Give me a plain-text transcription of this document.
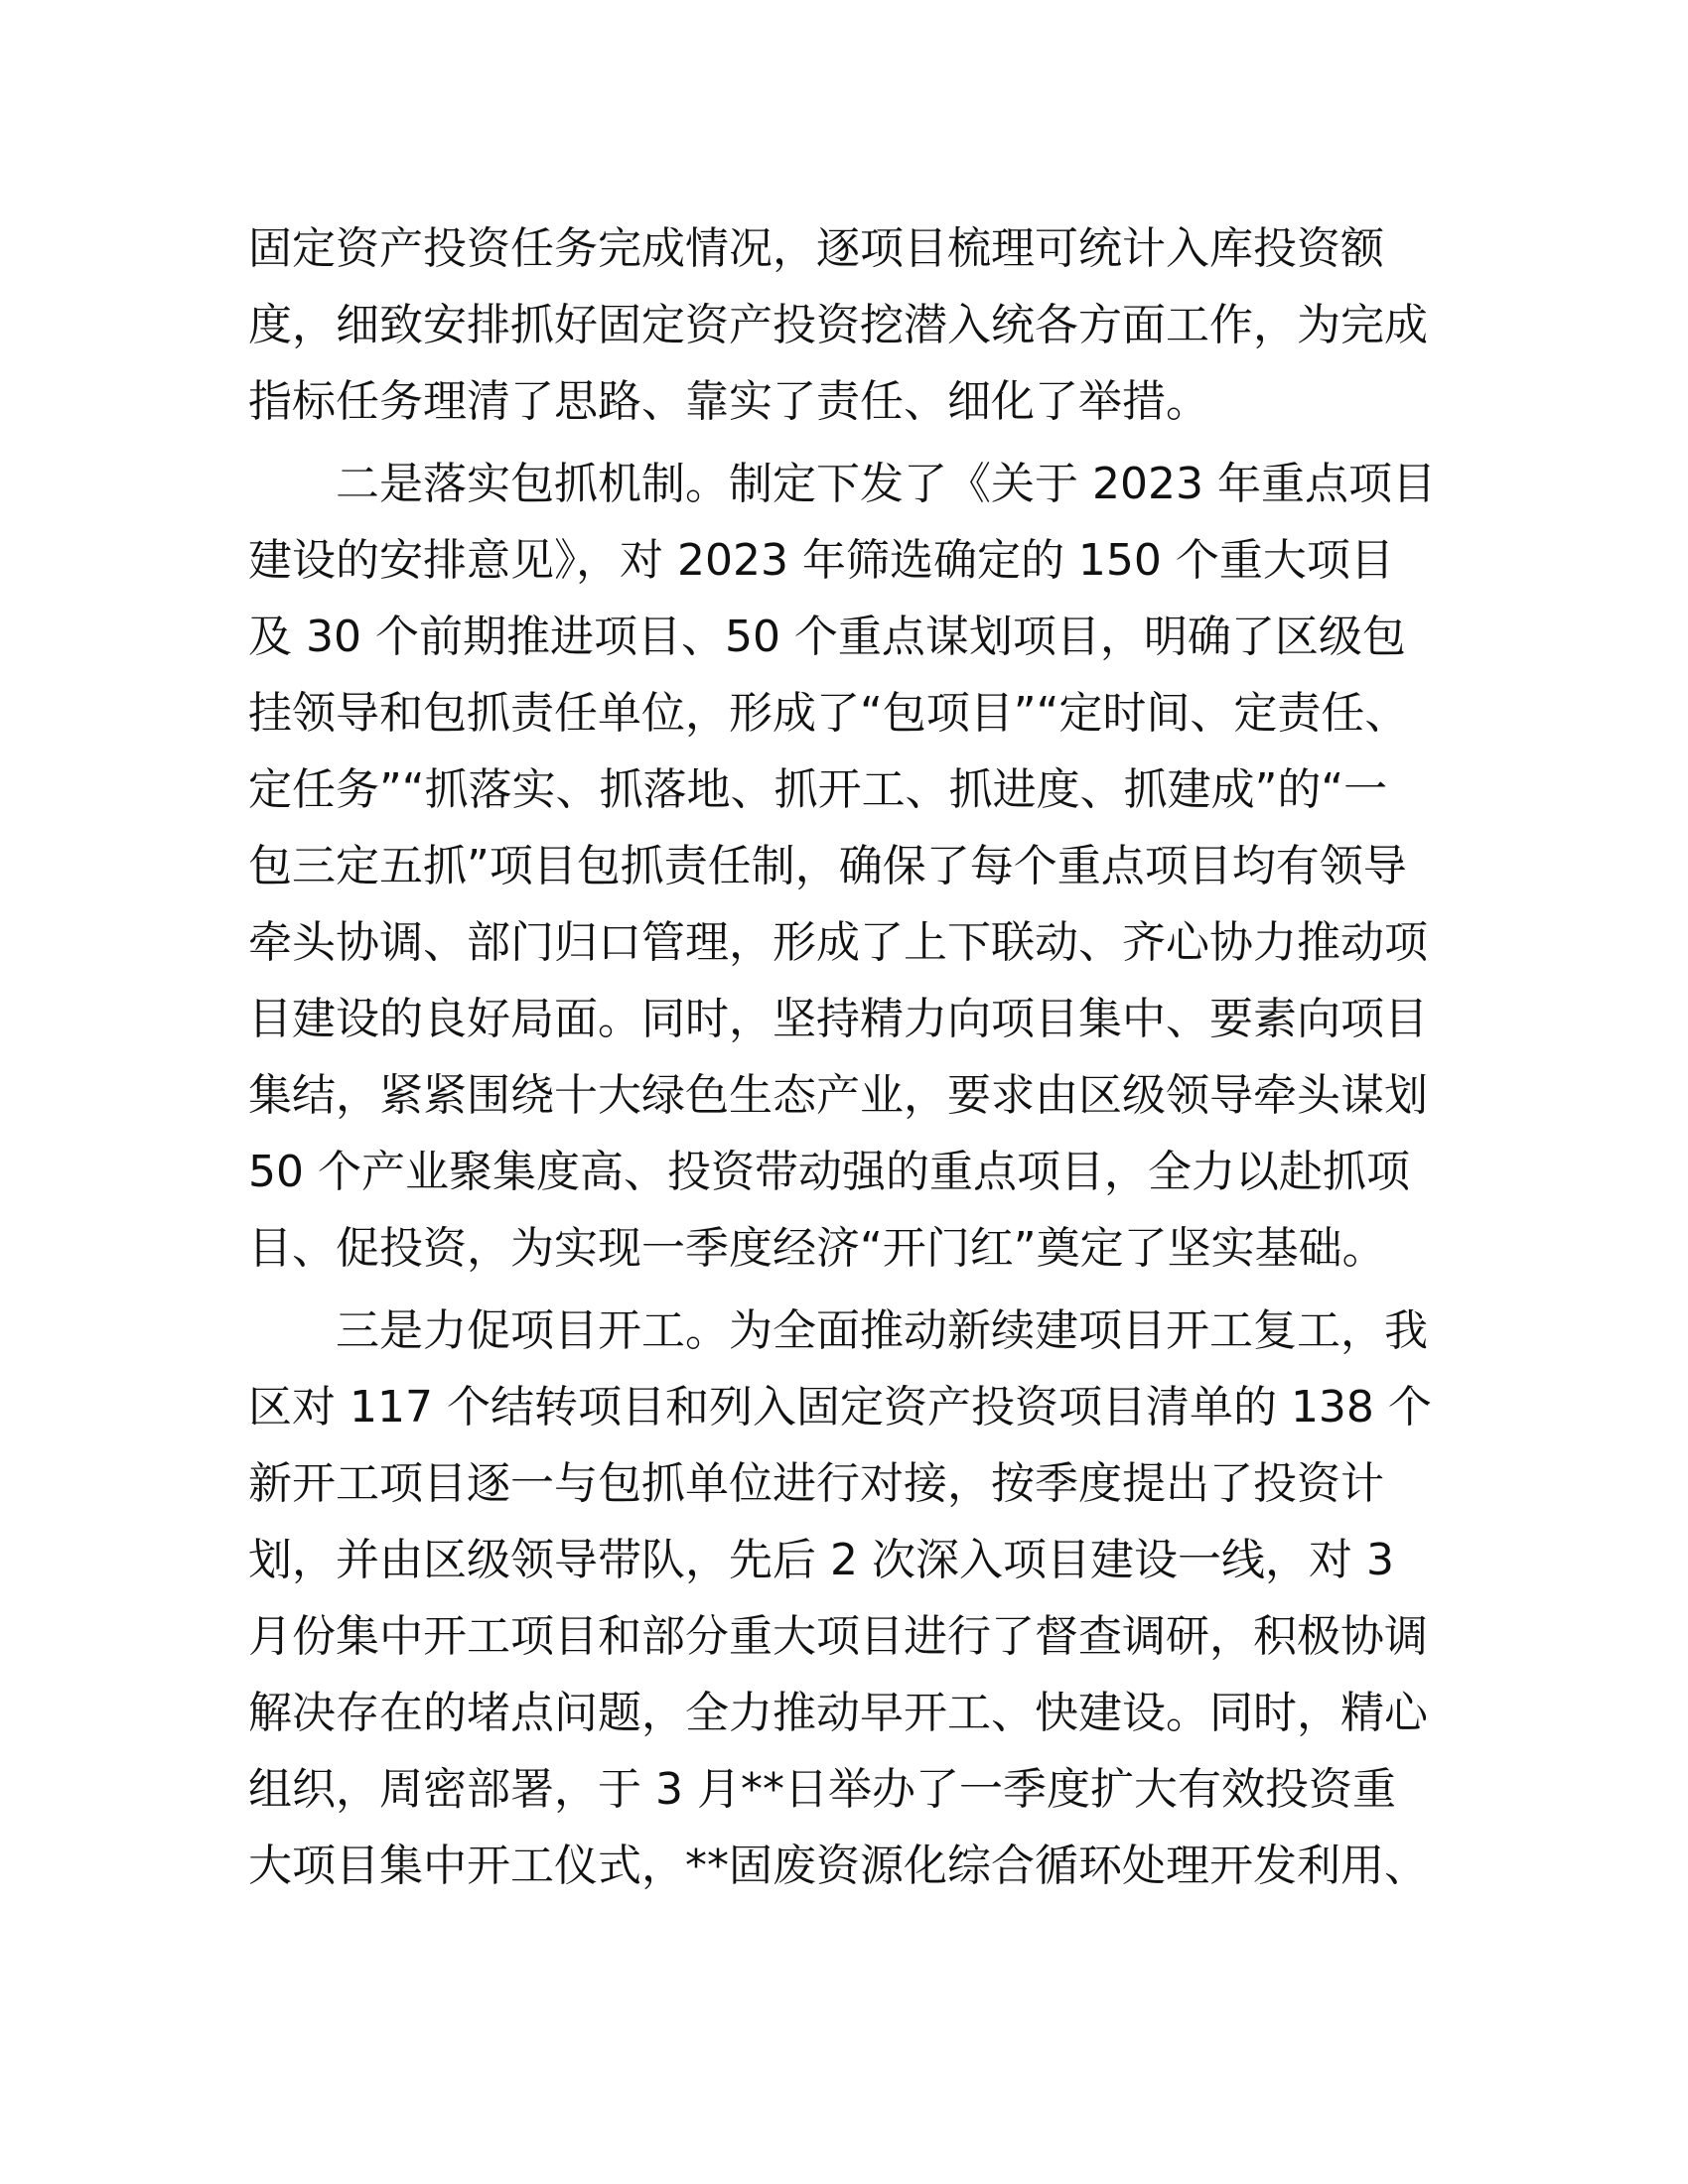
固定资产投资任务完成情况，逐项目梳理可统计入库投资额
度，细致安排抓好固定资产投资挖潜入统各方面工作，为完成
指标任务理清了思路、靠实了责任、细化了举措。
　　二是落实包抓机制。制定下发了《关于 2023 年重点项目
建设的安排意见》，对 2023 年筛选确定的 150 个重大项目
及 30 个前期推进项目、50 个重点谋划项目，明确了区级包
挂领导和包抓责任单位，形成了“包项目”“定时间、定责任、
定任务”“抓落实、抓落地、抓开工、抓进度、抓建成”的“一
包三定五抓”项目包抓责任制，确保了每个重点项目均有领导
牵头协调、部门归口管理，形成了上下联动、齐心协力推动项
目建设的良好局面。同时，坚持精力向项目集中、要素向项目
集结，紧紧围绕十大绿色生态产业，要求由区级领导牵头谋划
50 个产业聚集度高、投资带动强的重点项目，全力以赴抓项
目、促投资，为实现一季度经济“开门红”奠定了坚实基础。
　　三是力促项目开工。为全面推动新续建项目开工复工，我
区对 117 个结转项目和列入固定资产投资项目清单的 138 个
新开工项目逐一与包抓单位进行对接，按季度提出了投资计
划，并由区级领导带队，先后 2 次深入项目建设一线，对 3
月份集中开工项目和部分重大项目进行了督查调研，积极协调
解决存在的堵点问题，全力推动早开工、快建设。同时，精心
组织，周密部署，于 3 月**日举办了一季度扩大有效投资重
大项目集中开工仪式，**固废资源化综合循环处理开发利用、
